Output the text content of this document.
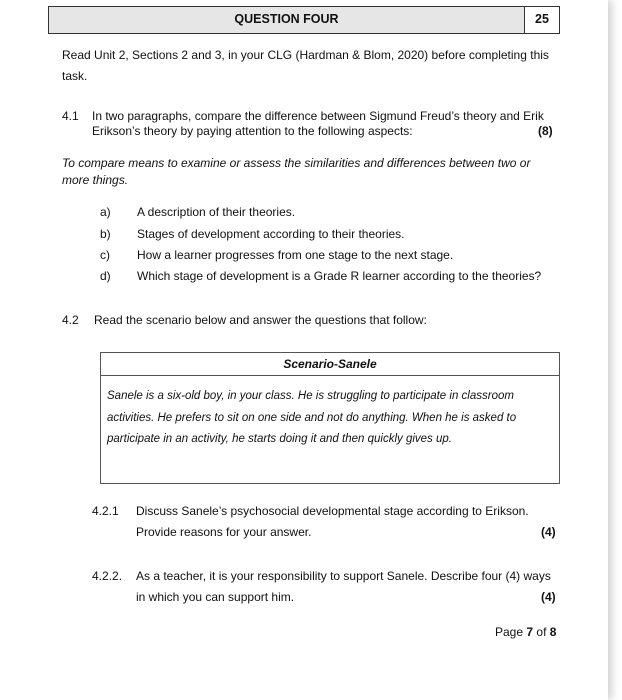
QUESTION FOUR	25
Read Unit 2, Sections 2 and 3, in your CLG (Hardman & Blom, 2020) before completing this
task.
4.1 In two paragraphs, compare the difference between Sigmund Freud’s theory and Erik
Erikson’s theory by paying attention to the following aspects:	(8)
To compare means to examine or assess the similarities and differences between two or
more things.
a) A description of their theories.
b) Stages of development according to their theories.
c) How a learner progresses from one stage to the next stage.
d) Which stage of development is a Grade R learner according to the theories?
4.2 Read the scenario below and answer the questions that follow:
Scenario-Sanele
Sanele is a six-old boy, in your class. He is struggling to participate in classroom
activities. He prefers to sit on one side and not do anything. When he is asked to
participate in an activity, he starts doing it and then quickly gives up.
4.2.1 Discuss Sanele’s psychosocial developmental stage according to Erikson.
Provide reasons for your answer.	(4)
4.2.2. As a teacher, it is your responsibility to support Sanele. Describe four (4) ways
in which you can support him.	(4)
Page 7 of 8
